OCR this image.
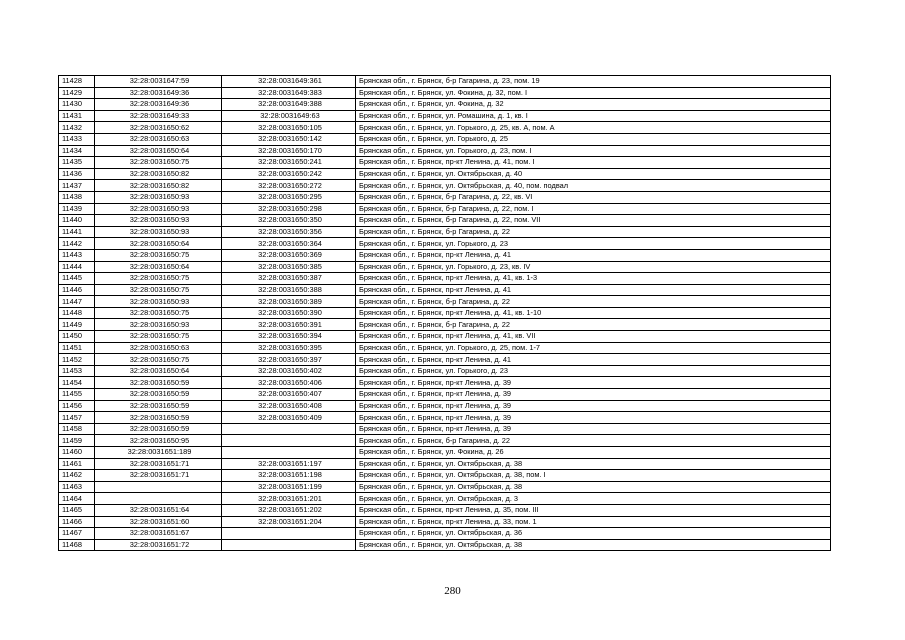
11428	32:28:0031647:59	32:28:0031649:361	Брянская обл., г. Брянск, б-р Гагарина, д. 23, пом. 19
11429	32:28:0031649:36	32:28:0031649:383	Брянская обл., г. Брянск, ул. Фокина, д. 32, пом. I
11430	32:28:0031649:36	32:28:0031649:388	Брянская обл., г. Брянск, ул. Фокина, д. 32
11431	32:28:0031649:33	32:28:0031649:63	Брянская обл., г. Брянск, ул. Ромашина, д. 1, кв. I
11432	32:28:0031650:62	32:28:0031650:105	Брянская обл., г. Брянск, ул. Горького, д. 25, кв. А, пом. А
11433	32:28:0031650:63	32:28:0031650:142	Брянская обл., г. Брянск, ул. Горького, д. 25
11434	32:28:0031650:64	32:28:0031650:170	Брянская обл., г. Брянск, ул. Горького, д. 23, пом. I
11435	32:28:0031650:75	32:28:0031650:241	Брянская обл., г. Брянск, пр-кт Ленина, д. 41, пом. I
11436	32:28:0031650:82	32:28:0031650:242	Брянская обл., г. Брянск, ул. Октябрьская, д. 40
11437	32:28:0031650:82	32:28:0031650:272	Брянская обл., г. Брянск, ул. Октябрьская, д. 40, пом. подвал
11438	32:28:0031650:93	32:28:0031650:295	Брянская обл., г. Брянск, б-р Гагарина, д. 22, кв. VI
11439	32:28:0031650:93	32:28:0031650:298	Брянская обл., г. Брянск, б-р Гагарина, д. 22, пом. I
11440	32:28:0031650:93	32:28:0031650:350	Брянская обл., г. Брянск, б-р Гагарина, д. 22, пом. VII
11441	32:28:0031650:93	32:28:0031650:356	Брянская обл., г. Брянск, б-р Гагарина, д. 22
11442	32:28:0031650:64	32:28:0031650:364	Брянская обл., г. Брянск, ул. Горького, д. 23
11443	32:28:0031650:75	32:28:0031650:369	Брянская обл., г. Брянск, пр-кт Ленина, д. 41
11444	32:28:0031650:64	32:28:0031650:385	Брянская обл., г. Брянск, ул. Горького, д. 23, кв. IV
11445	32:28:0031650:75	32:28:0031650:387	Брянская обл., г. Брянск, пр-кт Ленина, д. 41, кв. 1-3
11446	32:28:0031650:75	32:28:0031650:388	Брянская обл., г. Брянск, пр-кт Ленина, д. 41
11447	32:28:0031650:93	32:28:0031650:389	Брянская обл., г. Брянск, б-р Гагарина, д. 22
11448	32:28:0031650:75	32:28:0031650:390	Брянская обл., г. Брянск, пр-кт Ленина, д. 41, кв. 1-10
11449	32:28:0031650:93	32:28:0031650:391	Брянская обл., г. Брянск, б-р Гагарина, д. 22
11450	32:28:0031650:75	32:28:0031650:394	Брянская обл., г. Брянск, пр-кт Ленина, д. 41, кв. VII
11451	32:28:0031650:63	32:28:0031650:395	Брянская обл., г. Брянск, ул. Горького, д. 25, пом. 1-7
11452	32:28:0031650:75	32:28:0031650:397	Брянская обл., г. Брянск, пр-кт Ленина, д. 41
11453	32:28:0031650:64	32:28:0031650:402	Брянская обл., г. Брянск, ул. Горького, д. 23
11454	32:28:0031650:59	32:28:0031650:406	Брянская обл., г. Брянск, пр-кт Ленина, д. 39
11455	32:28:0031650:59	32:28:0031650:407	Брянская обл., г. Брянск, пр-кт Ленина, д. 39
11456	32:28:0031650:59	32:28:0031650:408	Брянская обл., г. Брянск, пр-кт Ленина, д. 39
11457	32:28:0031650:59	32:28:0031650:409	Брянская обл., г. Брянск, пр-кт Ленина, д. 39
11458	32:28:0031650:59		Брянская обл., г. Брянск, пр-кт Ленина, д. 39
11459	32:28:0031650:95		Брянская обл., г. Брянск, б-р Гагарина, д. 22
11460	32:28:0031651:189		Брянская обл., г. Брянск, ул. Фокина, д. 26
11461	32:28:0031651:71	32:28:0031651:197	Брянская обл., г. Брянск, ул. Октябрьская, д. 38
11462	32:28:0031651:71	32:28:0031651:198	Брянская обл., г. Брянск, ул. Октябрьская, д. 38, пом. I
11463		32:28:0031651:199	Брянская обл., г. Брянск, ул. Октябрьская, д. 38
11464		32:28:0031651:201	Брянская обл., г. Брянск, ул. Октябрьская, д. 3
11465	32:28:0031651:64	32:28:0031651:202	Брянская обл., г. Брянск, пр-кт Ленина, д. 35, пом. III
11466	32:28:0031651:60	32:28:0031651:204	Брянская обл., г. Брянск, пр-кт Ленина, д. 33, пом. 1
11467	32:28:0031651:67		Брянская обл., г. Брянск, ул. Октябрьская, д. 36
11468	32:28:0031651:72		Брянская обл., г. Брянск, ул. Октябрьская, д. 38
280
